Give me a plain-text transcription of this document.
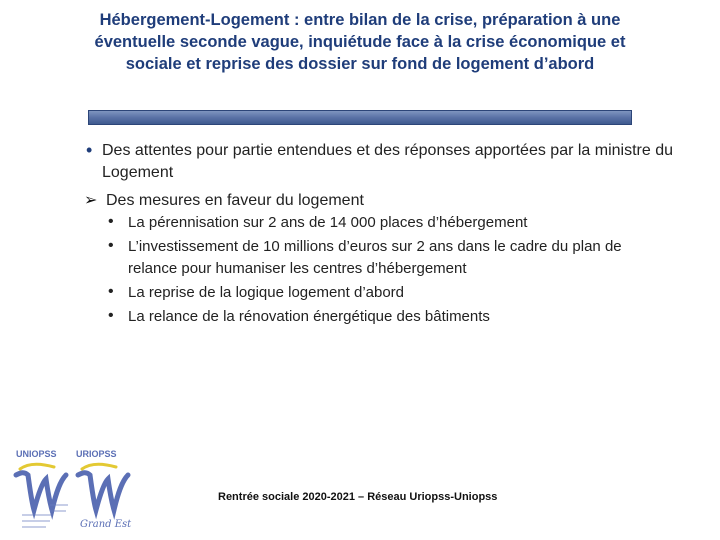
Hébergement-Logement : entre bilan de la crise, préparation à une éventuelle seconde vague, inquiétude face à la crise économique et sociale et reprise des dossier sur fond de logement d’abord

• Des attentes pour partie entendues et des réponses apportées par la ministre du Logement

➢ Des mesures en faveur du logement

• La pérennisation sur 2 ans de 14 000 places d’hébergement
• L’investissement de 10 millions d’euros sur 2 ans dans le cadre du plan de relance pour humaniser les centres d’hébergement
• La reprise de la logique logement d’abord
• La relance de la rénovation énergétique des bâtiments
UNIOPSS URIOPSS
Grand Est
Rentrée sociale 2020-2021 – Réseau Uriopss-Uniopss
